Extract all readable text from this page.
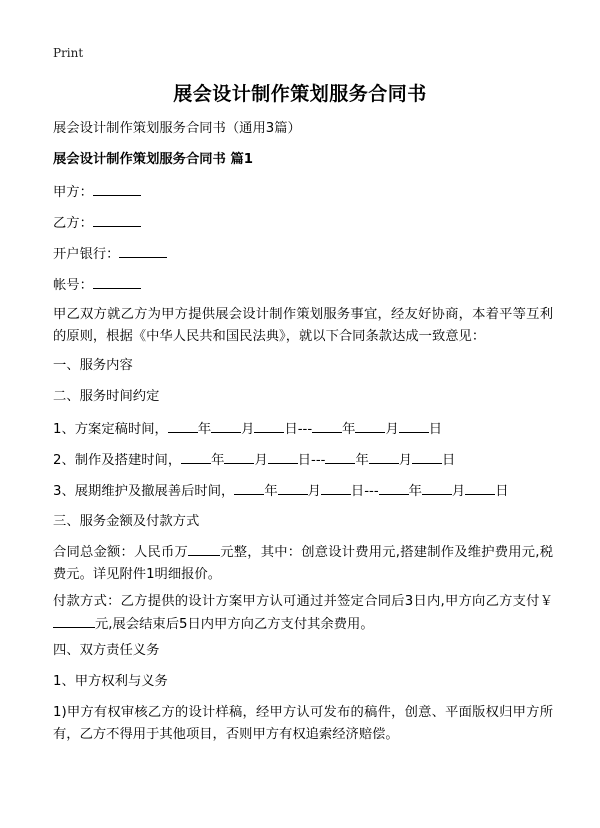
Print
展会设计制作策划服务合同书
展会设计制作策划服务合同书（通用3篇）
展会设计制作策划服务合同书 篇1
甲方：
乙方：
开户银行：
帐号：
甲乙双方就乙方为甲方提供展会设计制作策划服务事宜，经友好协商，本着平等互利的原则，根据《中华人民共和国民法典》，就以下合同条款达成一致意见：
一、服务内容
二、服务时间约定
1、方案定稿时间， 年 月 日--- 年 月 日
2、制作及搭建时间， 年 月 日--- 年 月 日
3、展期维护及撤展善后时间， 年 月 日--- 年 月 日
三、服务金额及付款方式
合同总金额：人民币万 元整，其中：创意设计费用元,搭建制作及维护费用元,税费元。详见附件1明细报价。
付款方式：乙方提供的设计方案甲方认可通过并签定合同后3日内,甲方向乙方支付￥元,展会结束后5日内甲方向乙方支付其余费用。
四、双方责任义务
1、甲方权利与义务
1)甲方有权审核乙方的设计样稿，经甲方认可发布的稿件，创意、平面版权归甲方所有，乙方不得用于其他项目，否则甲方有权追索经济赔偿。
